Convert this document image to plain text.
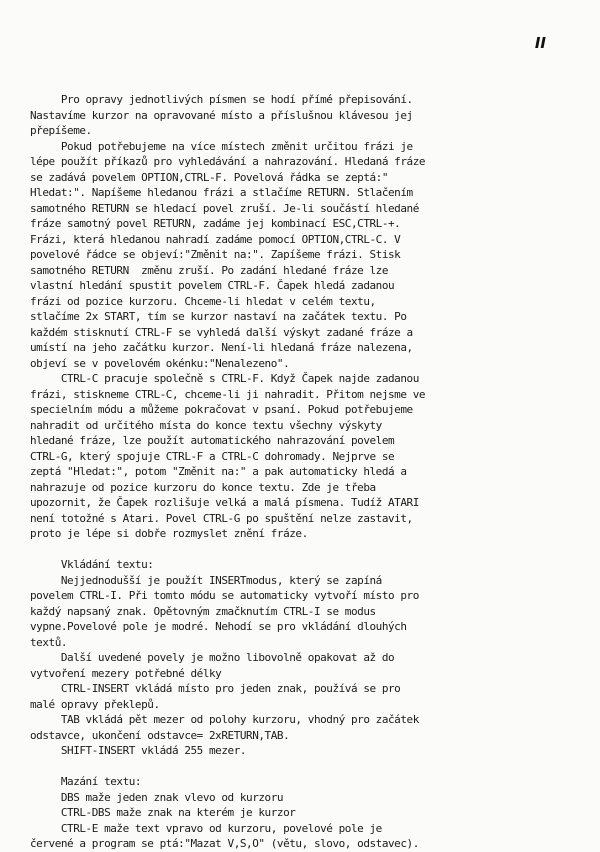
II
Pro opravy jednotlivých písmen se hodí přímé přepisování.
Nastavíme kurzor na opravované místo a příslušnou klávesou jej
přepíšeme.
Pokud potřebujeme na více místech změnit určitou frázi je
lépe použít příkazů pro vyhledávání a nahrazování. Hledaná fráze
se zadává povelem OPTION,CTRL-F. Povelová řádka se zeptá:"
Hledat:". Napíšeme hledanou frázi a stlačíme RETURN. Stlačením
samotného RETURN se hledací povel zruší. Je-li součástí hledané
fráze samotný povel RETURN, zadáme jej kombinací ESC,CTRL-+.
Frázi, která hledanou nahradí zadáme pomocí OPTION,CTRL-C. V
povelové řádce se objeví:"Změnit na:". Zapíšeme frázi. Stisk
samotného RETURN  změnu zruší. Po zadání hledané fráze lze
vlastní hledání spustit povelem CTRL-F. Čapek hledá zadanou
frázi od pozice kurzoru. Chceme-li hledat v celém textu,
stlačíme 2x START, tím se kurzor nastaví na začátek textu. Po
každém stisknutí CTRL-F se vyhledá další výskyt zadané fráze a
umístí na jeho začátku kurzor. Není-li hledaná fráze nalezena,
objeví se v povelovém okénku:"Nenalezeno".
CTRL-C pracuje společně s CTRL-F. Když Čapek najde zadanou
frázi, stiskneme CTRL-C, chceme-li ji nahradit. Přitom nejsme ve
specielním módu a můžeme pokračovat v psaní. Pokud potřebujeme
nahradit od určitého místa do konce textu všechny výskyty
hledané fráze, lze použít automatického nahrazování povelem
CTRL-G, který spojuje CTRL-F a CTRL-C dohromady. Nejprve se
zeptá "Hledat:", potom "Změnit na:" a pak automaticky hledá a
nahrazuje od pozice kurzoru do konce textu. Zde je třeba
upozornit, že Čapek rozlišuje velká a malá písmena. Tudíž ATARI
není totožné s Atari. Povel CTRL-G po spuštění nelze zastavit,
proto je lépe si dobře rozmyslet znění fráze.
Vkládání textu:
Nejjednodušší je použít INSERTmodus, který se zapíná
povelem CTRL-I. Při tomto módu se automaticky vytvoří místo pro
každý napsaný znak. Opětovným zmačknutím CTRL-I se modus
vypne.Povelové pole je modré. Nehodí se pro vkládání dlouhých
textů.
Další uvedené povely je možno libovolně opakovat až do
vytvoření mezery potřebné délky
CTRL-INSERT vkládá místo pro jeden znak, používá se pro
malé opravy překlepů.
TAB vkládá pět mezer od polohy kurzoru, vhodný pro začátek
odstavce, ukončení odstavce= 2xRETURN,TAB.
SHIFT-INSERT vkládá 255 mezer.
Mazání textu:
DBS maže jeden znak vlevo od kurzoru
CTRL-DBS maže znak na kterém je kurzor
CTRL-E maže text vpravo od kurzoru, povelové pole je
červené a program se ptá:"Mazat V,S,O" (větu, slovo, odstavec).
